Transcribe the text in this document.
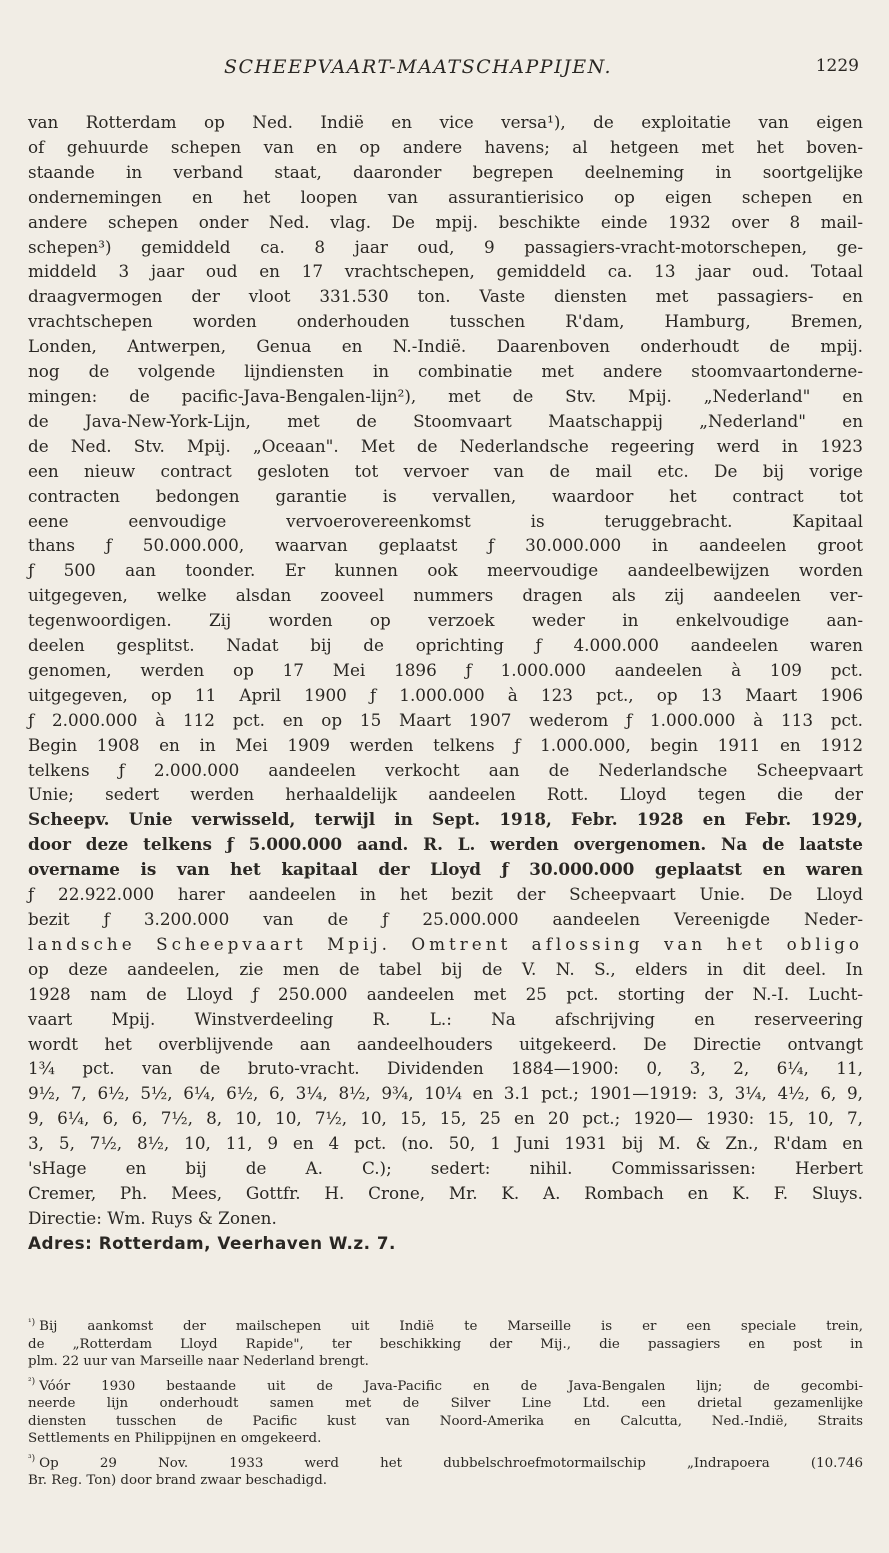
SCHEEPVAART-MAATSCHAPPIJEN.	1229
van Rotterdam op Ned. Indië en vice versa¹), de exploitatie van eigen
of gehuurde schepen van en op andere havens; al hetgeen met het boven-
staande in verband staat, daaronder begrepen deelneming in soortgelijke
ondernemingen en het loopen van assurantierisico op eigen schepen en
andere schepen onder Ned. vlag. De mpij. beschikte einde 1932 over 8 mail-
schepen³) gemiddeld ca. 8 jaar oud, 9 passagiers-vracht-motorschepen, ge-
middeld 3 jaar oud en 17 vrachtschepen, gemiddeld ca. 13 jaar oud. Totaal
draagvermogen der vloot 331.530 ton. Vaste diensten met passagiers- en
vrachtschepen worden onderhouden tusschen R'dam, Hamburg, Bremen,
Londen, Antwerpen, Genua en N.-Indië. Daarenboven onderhoudt de mpij.
nog de volgende lijndiensten in combinatie met andere stoomvaartonderne-
mingen: de pacific-Java-Bengalen-lijn²), met de Stv. Mpij. „Nederland" en
de Java-New-York-Lijn, met de Stoomvaart Maatschappij „Nederland" en
de Ned. Stv. Mpij. „Oceaan". Met de Nederlandsche regeering werd in 1923
een nieuw contract gesloten tot vervoer van de mail etc. De bij vorige
contracten bedongen garantie is vervallen, waardoor het contract tot
eene eenvoudige vervoerovereenkomst is teruggebracht. Kapitaal
thans ƒ 50.000.000, waarvan geplaatst ƒ 30.000.000 in aandeelen groot
ƒ 500 aan toonder. Er kunnen ook meervoudige aandeelbewijzen worden
uitgegeven, welke alsdan zooveel nummers dragen als zij aandeelen ver-
tegenwoordigen. Zij worden op verzoek weder in enkelvoudige aan-
deelen gesplitst. Nadat bij de oprichting ƒ 4.000.000 aandeelen waren
genomen, werden op 17 Mei 1896 ƒ 1.000.000 aandeelen à 109 pct.
uitgegeven, op 11 April 1900 ƒ 1.000.000 à 123 pct., op 13 Maart 1906
ƒ 2.000.000 à 112 pct. en op 15 Maart 1907 wederom ƒ 1.000.000 à 113 pct.
Begin 1908 en in Mei 1909 werden telkens ƒ 1.000.000, begin 1911 en 1912
telkens ƒ 2.000.000 aandeelen verkocht aan de Nederlandsche Scheepvaart
Unie; sedert werden herhaaldelijk aandeelen Rott. Lloyd tegen die der
Scheepv. Unie verwisseld, terwijl in Sept. 1918, Febr. 1928 en Febr. 1929,
door deze telkens ƒ 5.000.000 aand. R. L. werden overgenomen. Na de laatste
overname is van het kapitaal der Lloyd ƒ 30.000.000 geplaatst en waren
ƒ 22.922.000 harer aandeelen in het bezit der Scheepvaart Unie. De Lloyd
bezit ƒ 3.200.000 van de ƒ 25.000.000 aandeelen Vereenigde Neder-
landsche Scheepvaart Mpij. Omtrent aflossing van het obligo
op deze aandeelen, zie men de tabel bij de V. N. S., elders in dit deel. In
1928 nam de Lloyd ƒ 250.000 aandeelen met 25 pct. storting der N.-I. Lucht-
vaart Mpij. Winstverdeeling R. L.: Na afschrijving en reserveering
wordt het overblijvende aan aandeelhouders uitgekeerd. De Directie ontvangt
1¾ pct. van de bruto-vracht. Dividenden 1884—1900: 0, 3, 2, 6¼, 11,
9½, 7, 6½, 5½, 6¼, 6½, 6, 3¼, 8½, 9¾, 10¼ en 3.1 pct.; 1901—1919: 3, 3¼, 4½, 6, 9,
9, 6¼, 6, 6, 7½, 8, 10, 10, 7½, 10, 15, 15, 25 en 20 pct.; 1920— 1930: 15, 10, 7,
3, 5, 7½, 8½, 10, 11, 9 en 4 pct. (no. 50, 1 Juni 1931 bij M. & Zn., R'dam en
'sHage en bij de A. C.); sedert: nihil. Commissarissen: Herbert
Cremer, Ph. Mees, Gottfr. H. Crone, Mr. K. A. Rombach en K. F. Sluys.
Directie: Wm. Ruys & Zonen.
Adres: Rotterdam, Veerhaven W.z. 7.
$^{^1)}$ Bij aankomst der mailschepen uit Indië te Marseille is er een speciale trein,
de „Rotterdam Lloyd Rapide", ter beschikking der Mij., die passagiers en post in
plm. 22 uur van Marseille naar Nederland brengt.
$^{^2)}$ Vóór 1930 bestaande uit de Java-Pacific en de Java-Bengalen lijn; de gecombi-
neerde lijn onderhoudt samen met de Silver Line Ltd. een drietal gezamenlijke
diensten tusschen de Pacific kust van Noord-Amerika en Calcutta, Ned.-Indië, Straits
Settlements en Philippijnen en omgekeerd.
$^{^3)}$ Op 29 Nov. 1933 werd het dubbelschroefmotormailschip „Indrapoera (10.746
Br. Reg. Ton) door brand zwaar beschadigd.
